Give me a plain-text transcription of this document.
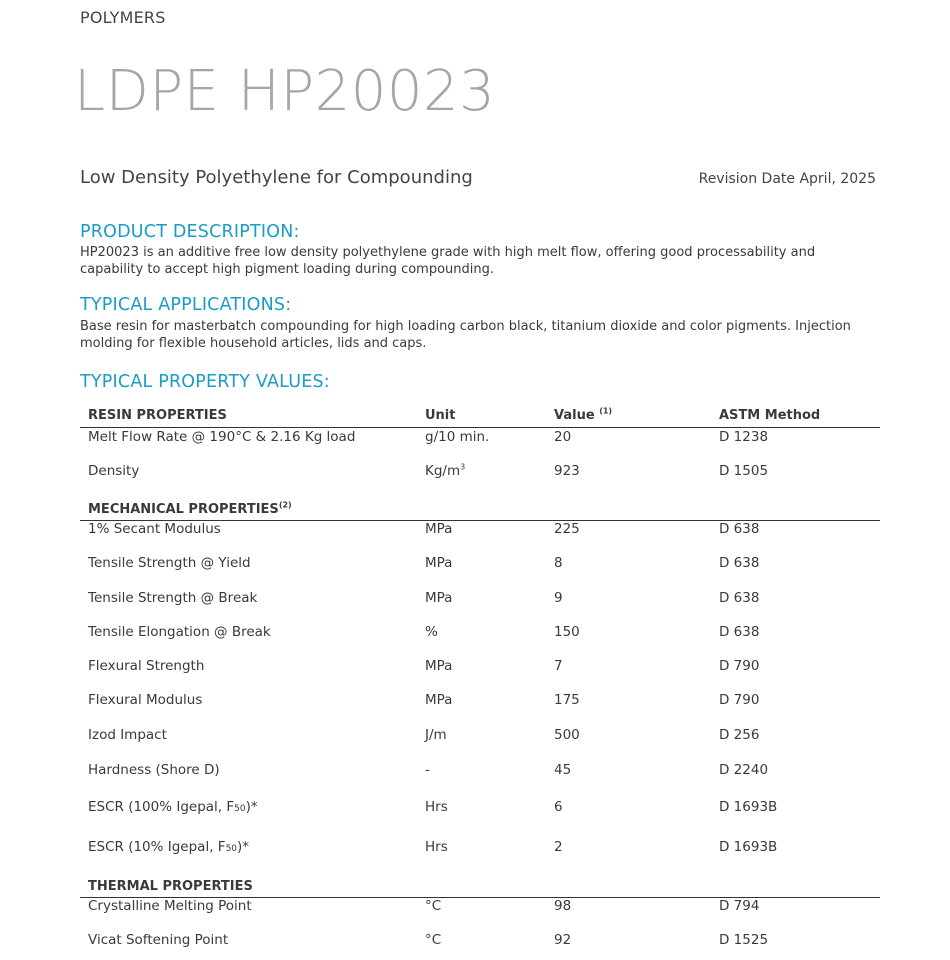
POLYMERS
LDPE HP20023
Low Density Polyethylene for Compounding	Revision Date April, 2025
PRODUCT DESCRIPTION:
HP20023 is an additive free low density polyethylene grade with high melt flow, offering good processability and capability to accept high pigment loading during compounding.
TYPICAL APPLICATIONS:
Base resin for masterbatch compounding for high loading carbon black, titanium dioxide and color pigments. Injection molding for flexible household articles, lids and caps.
TYPICAL PROPERTY VALUES:
RESIN PROPERTIES	Unit	Value $^{(1)}$	ASTM Method
Melt Flow Rate @ 190°C & 2.16 Kg load	g/10 min.	20	D 1238
Density	$Kg/m^3$	923	D 1505
MECHANICAL PROPERTIES$^{(2)}$
1% Secant Modulus	MPa	225	D 638
Tensile Strength @ Yield	MPa	8	D 638
Tensile Strength @ Break	MPa	9	D 638
Tensile Elongation @ Break	%	150	D 638
Flexural Strength	MPa	7	D 790
Flexural Modulus	MPa	175	D 790
Izod Impact	J/m	500	D 256
Hardness (Shore D)	-	45	D 2240
ESCR (100% Igepal, F50)*	Hrs	6	D 1693B
ESCR (10% Igepal, F50)*	Hrs	2	D 1693B
THERMAL PROPERTIES
Crystalline Melting Point	°C	98	D 794
Vicat Softening Point	°C	92	D 1525
